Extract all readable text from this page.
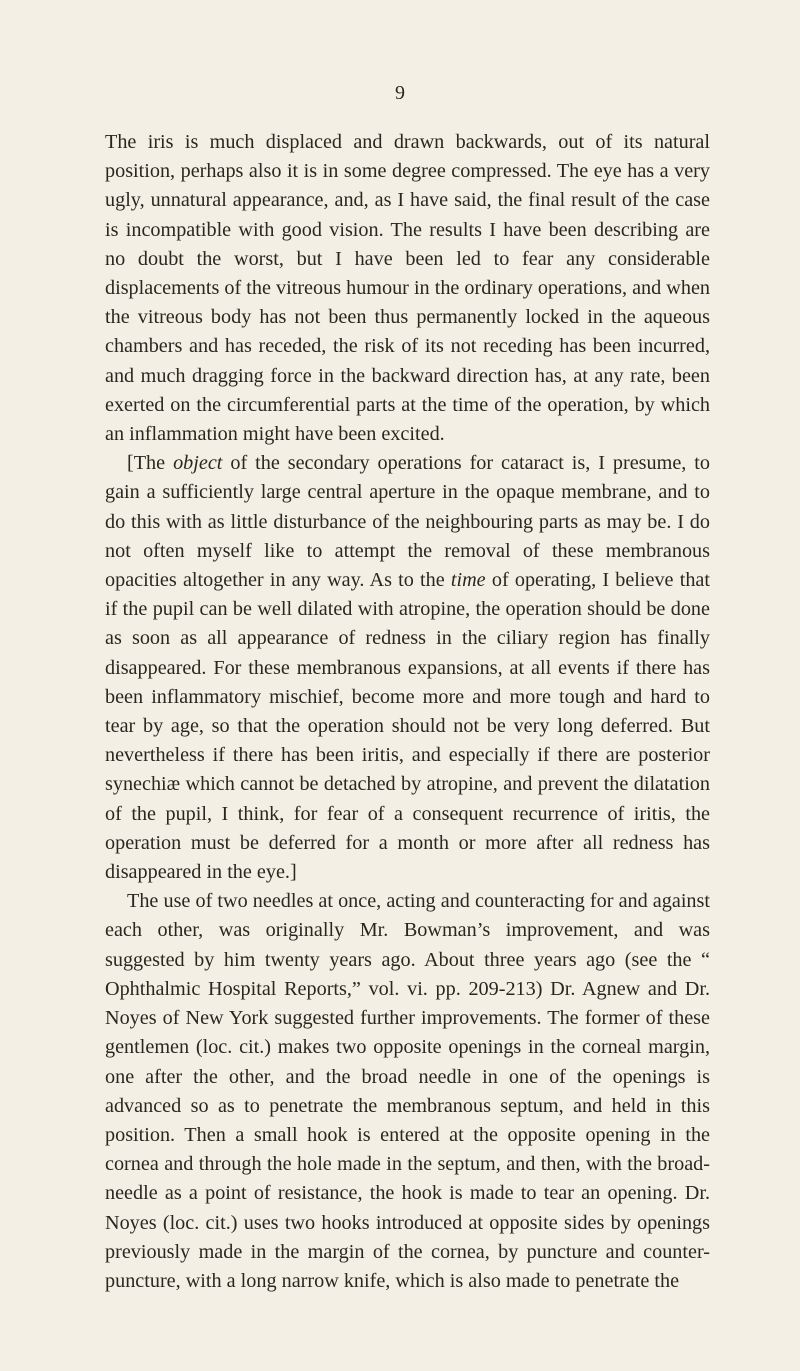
9

The iris is much displaced and drawn backwards, out of its natural position, perhaps also it is in some degree compressed. The eye has a very ugly, unnatural appearance, and, as I have said, the final result of the case is incompatible with good vision. The results I have been describing are no doubt the worst, but I have been led to fear any considerable displacements of the vitreous humour in the ordinary operations, and when the vitreous body has not been thus permanently locked in the aqueous chambers and has receded, the risk of its not receding has been incurred, and much dragging force in the backward direction has, at any rate, been exerted on the circumferential parts at the time of the operation, by which an inflammation might have been excited.

[The object of the secondary operations for cataract is, I presume, to gain a sufficiently large central aperture in the opaque membrane, and to do this with as little disturbance of the neighbouring parts as may be. I do not often myself like to attempt the removal of these membranous opacities altogether in any way. As to the time of operating, I believe that if the pupil can be well dilated with atropine, the operation should be done as soon as all appearance of redness in the ciliary region has finally disappeared. For these membranous expansions, at all events if there has been inflammatory mischief, become more and more tough and hard to tear by age, so that the operation should not be very long deferred. But nevertheless if there has been iritis, and especially if there are posterior synechiæ which cannot be detached by atropine, and prevent the dilatation of the pupil, I think, for fear of a consequent recurrence of iritis, the operation must be deferred for a month or more after all redness has disappeared in the eye.]

The use of two needles at once, acting and counteracting for and against each other, was originally Mr. Bowman’s improvement, and was suggested by him twenty years ago. About three years ago (see the “ Ophthalmic Hospital Reports,” vol. vi. pp. 209-213) Dr. Agnew and Dr. Noyes of New York suggested further improvements. The former of these gentlemen (loc. cit.) makes two opposite openings in the corneal margin, one after the other, and the broad needle in one of the openings is advanced so as to penetrate the membranous septum, and held in this position. Then a small hook is entered at the opposite opening in the cornea and through the hole made in the septum, and then, with the broad-needle as a point of resistance, the hook is made to tear an opening. Dr. Noyes (loc. cit.) uses two hooks introduced at opposite sides by openings previously made in the margin of the cornea, by puncture and counter-puncture, with a long narrow knife, which is also made to penetrate the
